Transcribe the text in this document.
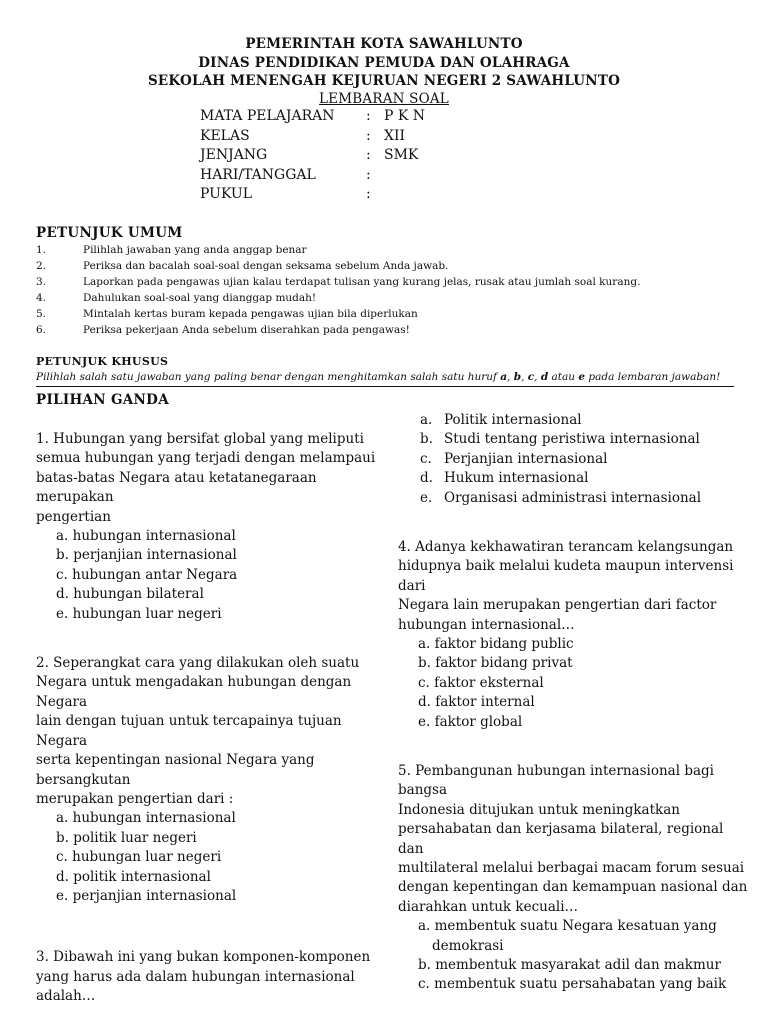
PEMERINTAH KOTA SAWAHLUNTO
DINAS PENDIDIKAN PEMUDA DAN OLAHRAGA
SEKOLAH MENENGAH KEJURUAN NEGERI 2 SAWAHLUNTO
LEMBARAN SOAL
MATA PELAJARAN	: P K N
KELAS	: XII
JENJANG	: SMK
HARI/TANGGAL	:
PUKUL	:
PETUNJUK UMUM
1.	Pilihlah jawaban yang anda anggap benar
2.	Periksa dan bacalah soal-soal dengan seksama sebelum Anda jawab.
3.	Laporkan pada pengawas ujian kalau terdapat tulisan yang kurang jelas, rusak atau jumlah soal kurang.
4.	Dahulukan soal-soal yang dianggap mudah!
5.	Mintalah kertas buram kepada pengawas ujian bila diperlukan
6.	Periksa pekerjaan Anda sebelum diserahkan pada pengawas!
PETUNJUK KHUSUS
Pilihlah salah satu jawaban yang paling benar dengan menghitamkan salah satu huruf a, b, c, d atau e pada lembaran jawaban!
PILIHAN GANDA
1. Hubungan yang bersifat global yang meliputi
semua hubungan yang terjadi dengan melampaui
batas-batas Negara atau ketatanegaraan merupakan
pengertian
a. hubungan internasional
b. perjanjian internasional
c. hubungan antar Negara
d. hubungan bilateral
e. hubungan luar negeri
2. Seperangkat cara yang dilakukan oleh suatu
Negara untuk mengadakan hubungan dengan Negara
lain dengan tujuan untuk tercapainya tujuan Negara
serta kepentingan nasional Negara yang bersangkutan
merupakan pengertian dari :
a. hubungan internasional
b. politik luar negeri
c. hubungan luar negeri
d. politik internasional
e. perjanjian internasional
3. Dibawah ini yang bukan komponen-komponen
yang harus ada dalam hubungan internasional
adalah…
a. Politik internasional
b. Studi tentang peristiwa internasional
c. Perjanjian internasional
d. Hukum internasional
e. Organisasi administrasi internasional
4. Adanya kekhawatiran terancam kelangsungan
hidupnya baik melalui kudeta maupun intervensi dari
Negara lain merupakan pengertian dari factor
hubungan internasional…
a. faktor bidang public
b. faktor bidang privat
c. faktor eksternal
d. faktor internal
e. faktor global
5. Pembangunan hubungan internasional bagi bangsa
Indonesia ditujukan untuk meningkatkan
persahabatan dan kerjasama bilateral, regional dan
multilateral melalui berbagai macam forum sesuai
dengan kepentingan dan kemampuan nasional dan
diarahkan untuk kecuali…
a. membentuk suatu Negara kesatuan yang
demokrasi
b. membentuk masyarakat adil dan makmur
c. membentuk suatu persahabatan yang baik
